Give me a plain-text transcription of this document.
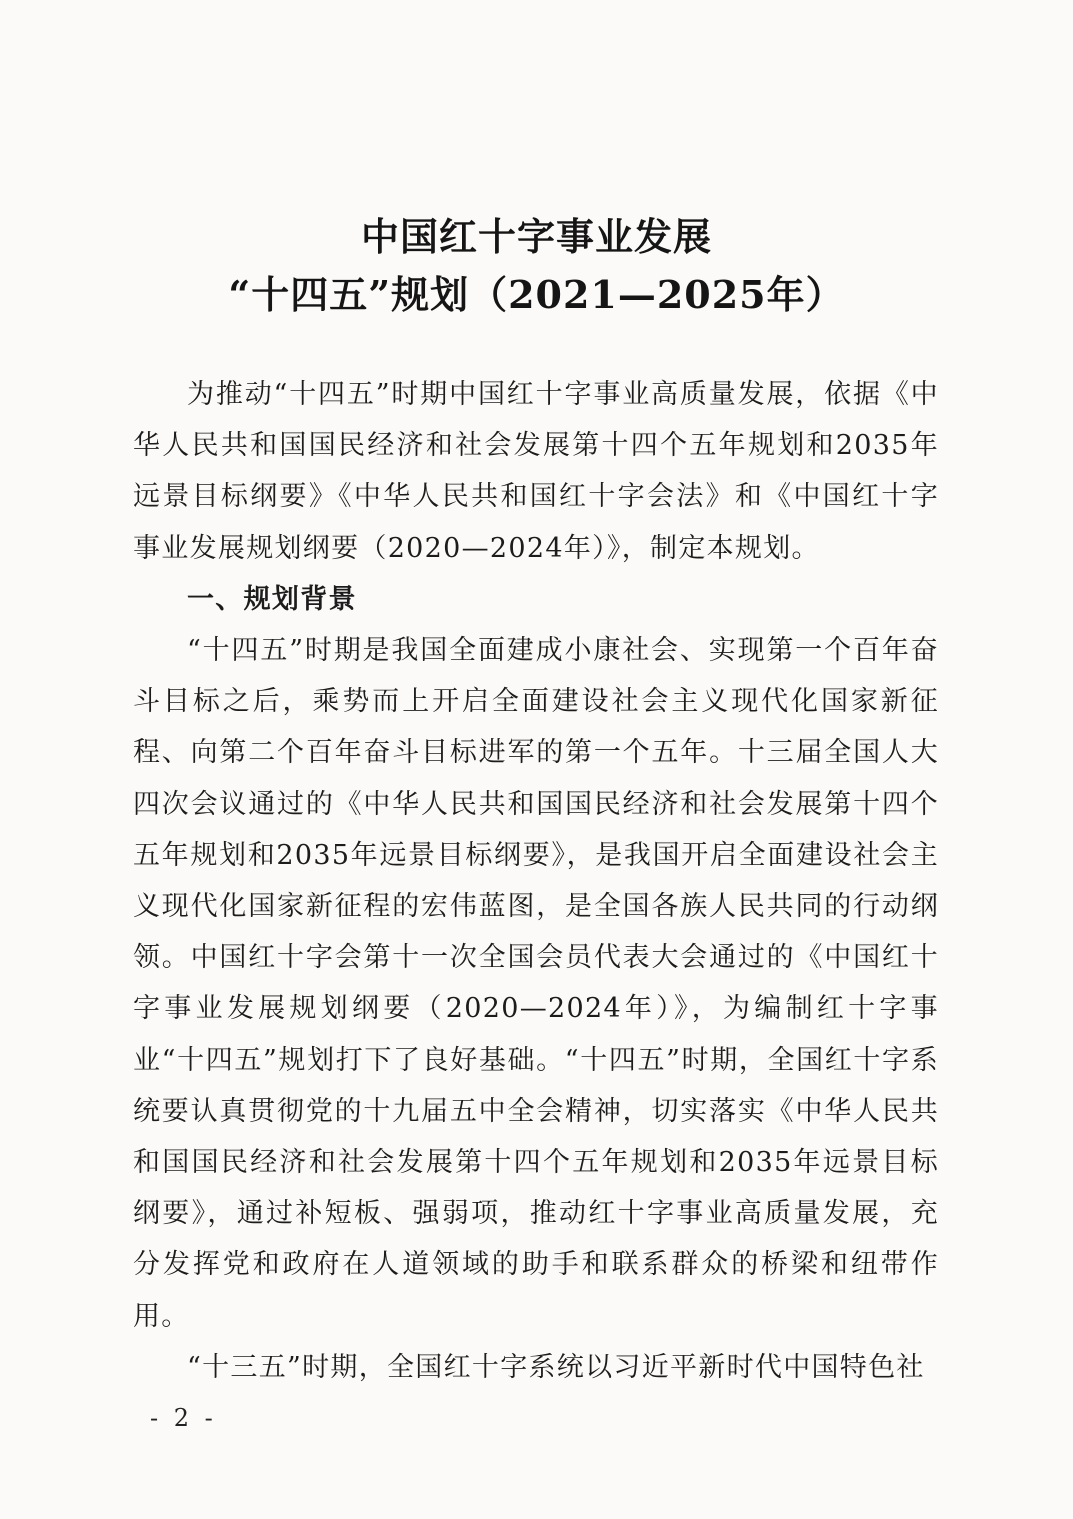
中国红十字事业发展
“十四五”规划（2021—2025年）

为推动“十四五”时期中国红十字事业高质量发展，依据《中华人民共和国国民经济和社会发展第十四个五年规划和2035年远景目标纲要》《中华人民共和国红十字会法》和《中国红十字事业发展规划纲要（2020—2024年）》，制定本规划。

一、规划背景

“十四五”时期是我国全面建成小康社会、实现第一个百年奋斗目标之后，乘势而上开启全面建设社会主义现代化国家新征程、向第二个百年奋斗目标进军的第一个五年。十三届全国人大四次会议通过的《中华人民共和国国民经济和社会发展第十四个五年规划和2035年远景目标纲要》，是我国开启全面建设社会主义现代化国家新征程的宏伟蓝图，是全国各族人民共同的行动纲领。中国红十字会第十一次全国会员代表大会通过的《中国红十字事业发展规划纲要（2020—2024年）》，为编制红十字事业“十四五”规划打下了良好基础。“十四五”时期，全国红十字系统要认真贯彻党的十九届五中全会精神，切实落实《中华人民共和国国民经济和社会发展第十四个五年规划和2035年远景目标纲要》，通过补短板、强弱项，推动红十字事业高质量发展，充分发挥党和政府在人道领域的助手和联系群众的桥梁和纽带作用。

“十三五”时期，全国红十字系统以习近平新时代中国特色社

- 2 -
